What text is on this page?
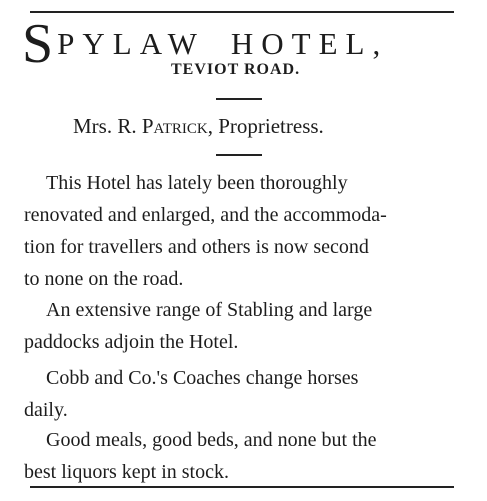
SPYLAW HOTEL,
TEVIOT ROAD.
Mrs. R. Patrick, Proprietress.
This Hotel has lately been thoroughly
renovated and enlarged, and the accommoda-
tion for travellers and others is now second
to none on the road.
An extensive range of Stabling and large
paddocks adjoin the Hotel.
Cobb and Co.'s Coaches change horses
daily.
Good meals, good beds, and none but the
best liquors kept in stock.
